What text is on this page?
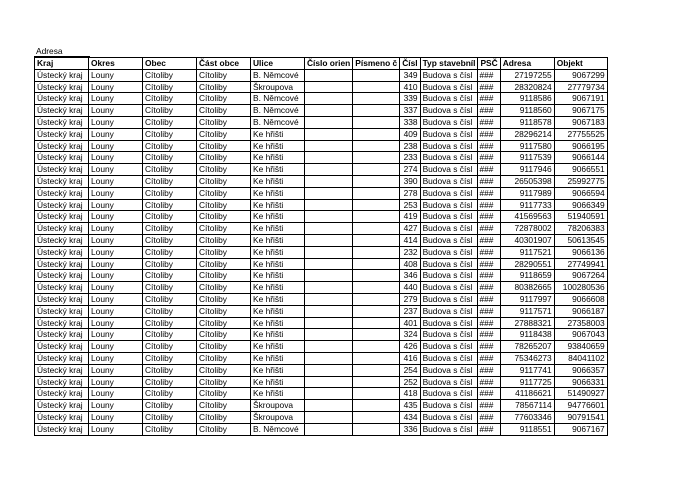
Adresa
Kraj	Okres	Obec	Část obce	Ulice	Číslo orien	Písmeno č	Čísl	Typ stavebníl	PSČ	Adresa	Objekt
Ústecký kraj	Louny	Cítoliby	Cítoliby	B. Němcové			349	Budova s čísl	###	27197255	9067299
Ústecký kraj	Louny	Cítoliby	Cítoliby	Škroupova			410	Budova s čísl	###	28320824	27779734
Ústecký kraj	Louny	Cítoliby	Cítoliby	B. Němcové			339	Budova s čísl	###	9118586	9067191
Ústecký kraj	Louny	Cítoliby	Cítoliby	B. Němcové			337	Budova s čísl	###	9118560	9067175
Ústecký kraj	Louny	Cítoliby	Cítoliby	B. Němcové			338	Budova s čísl	###	9118578	9067183
Ústecký kraj	Louny	Cítoliby	Cítoliby	Ke hřišti			409	Budova s čísl	###	28296214	27755525
Ústecký kraj	Louny	Cítoliby	Cítoliby	Ke hřišti			238	Budova s čísl	###	9117580	9066195
Ústecký kraj	Louny	Cítoliby	Cítoliby	Ke hřišti			233	Budova s čísl	###	9117539	9066144
Ústecký kraj	Louny	Cítoliby	Cítoliby	Ke hřišti			274	Budova s čísl	###	9117946	9066551
Ústecký kraj	Louny	Cítoliby	Cítoliby	Ke hřišti			390	Budova s čísl	###	26505398	25992775
Ústecký kraj	Louny	Cítoliby	Cítoliby	Ke hřišti			278	Budova s čísl	###	9117989	9066594
Ústecký kraj	Louny	Cítoliby	Cítoliby	Ke hřišti			253	Budova s čísl	###	9117733	9066349
Ústecký kraj	Louny	Cítoliby	Cítoliby	Ke hřišti			419	Budova s čísl	###	41569563	51940591
Ústecký kraj	Louny	Cítoliby	Cítoliby	Ke hřišti			427	Budova s čísl	###	72878002	78206383
Ústecký kraj	Louny	Cítoliby	Cítoliby	Ke hřišti			414	Budova s čísl	###	40301907	50613545
Ústecký kraj	Louny	Cítoliby	Cítoliby	Ke hřišti			232	Budova s čísl	###	9117521	9066136
Ústecký kraj	Louny	Cítoliby	Cítoliby	Ke hřišti			408	Budova s čísl	###	28290551	27749941
Ústecký kraj	Louny	Cítoliby	Cítoliby	Ke hřišti			346	Budova s čísl	###	9118659	9067264
Ústecký kraj	Louny	Cítoliby	Cítoliby	Ke hřišti			440	Budova s čísl	###	80382665	100280536
Ústecký kraj	Louny	Cítoliby	Cítoliby	Ke hřišti			279	Budova s čísl	###	9117997	9066608
Ústecký kraj	Louny	Cítoliby	Cítoliby	Ke hřišti			237	Budova s čísl	###	9117571	9066187
Ústecký kraj	Louny	Cítoliby	Cítoliby	Ke hřišti			401	Budova s čísl	###	27888321	27358003
Ústecký kraj	Louny	Cítoliby	Cítoliby	Ke hřišti			324	Budova s čísl	###	9118438	9067043
Ústecký kraj	Louny	Cítoliby	Cítoliby	Ke hřišti			426	Budova s čísl	###	78265207	93840659
Ústecký kraj	Louny	Cítoliby	Cítoliby	Ke hřišti			416	Budova s čísl	###	75346273	84041102
Ústecký kraj	Louny	Cítoliby	Cítoliby	Ke hřišti			254	Budova s čísl	###	9117741	9066357
Ústecký kraj	Louny	Cítoliby	Cítoliby	Ke hřišti			252	Budova s čísl	###	9117725	9066331
Ústecký kraj	Louny	Cítoliby	Cítoliby	Ke hřišti			418	Budova s čísl	###	41186621	51490927
Ústecký kraj	Louny	Cítoliby	Cítoliby	Škroupova			435	Budova s čísl	###	78567114	94776601
Ústecký kraj	Louny	Cítoliby	Cítoliby	Škroupova			434	Budova s čísl	###	77603346	90791541
Ústecký kraj	Louny	Cítoliby	Cítoliby	B. Němcové			336	Budova s čísl	###	9118551	9067167
